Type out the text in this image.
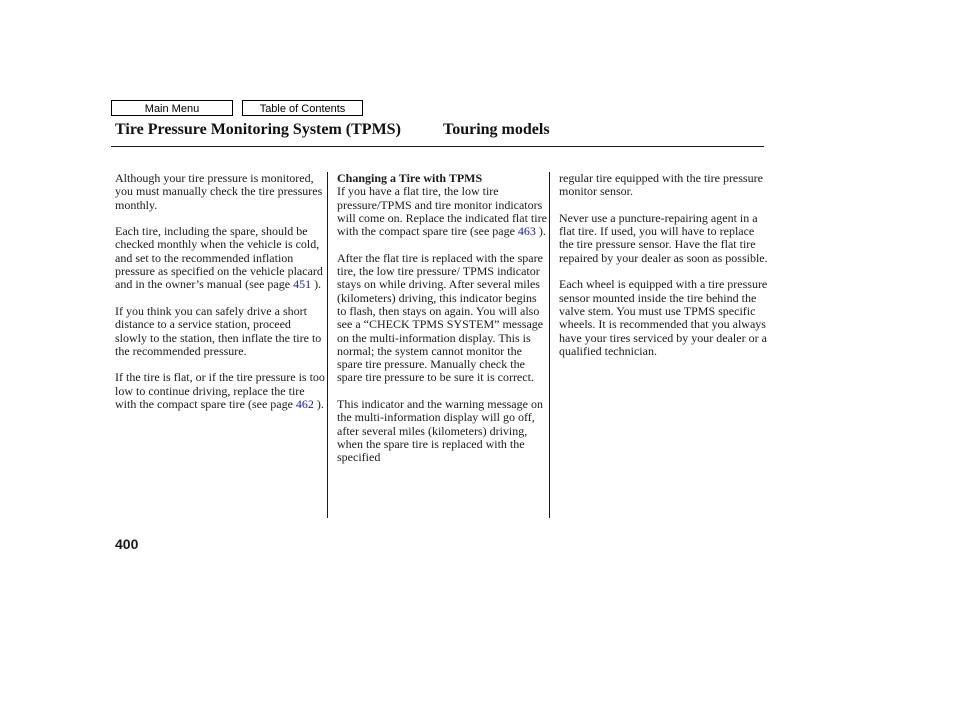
Main Menu	Table of Contents
Tire Pressure Monitoring System (TPMS)	Touring models

Although your tire pressure is monitored, you must manually check the tire pressures monthly.

Each tire, including the spare, should be checked monthly when the vehicle is cold, and set to the recommended inflation pressure as specified on the vehicle placard and in the owner’s manual (see page 451 ).

If you think you can safely drive a short distance to a service station, proceed slowly to the station, then inflate the tire to the recommended pressure.

If the tire is flat, or if the tire pressure is too low to continue driving, replace the tire with the compact spare tire (see page 462 ).

Changing a Tire with TPMS

If you have a flat tire, the low tire pressure/TPMS and tire monitor indicators will come on. Replace the indicated flat tire with the compact spare tire (see page 463 ).

After the flat tire is replaced with the spare tire, the low tire pressure/ TPMS indicator stays on while driving. After several miles (kilometers) driving, this indicator begins to flash, then stays on again. You will also see a “CHECK TPMS SYSTEM” message on the multi-information display. This is normal; the system cannot monitor the spare tire pressure. Manually check the spare tire pressure to be sure it is correct.

This indicator and the warning message on the multi-information display will go off, after several miles (kilometers) driving, when the spare tire is replaced with the specified

regular tire equipped with the tire pressure monitor sensor.

Never use a puncture-repairing agent in a flat tire. If used, you will have to replace the tire pressure sensor. Have the flat tire repaired by your dealer as soon as possible.

Each wheel is equipped with a tire pressure sensor mounted inside the tire behind the valve stem. You must use TPMS specific wheels. It is recommended that you always have your tires serviced by your dealer or a qualified technician.

400
